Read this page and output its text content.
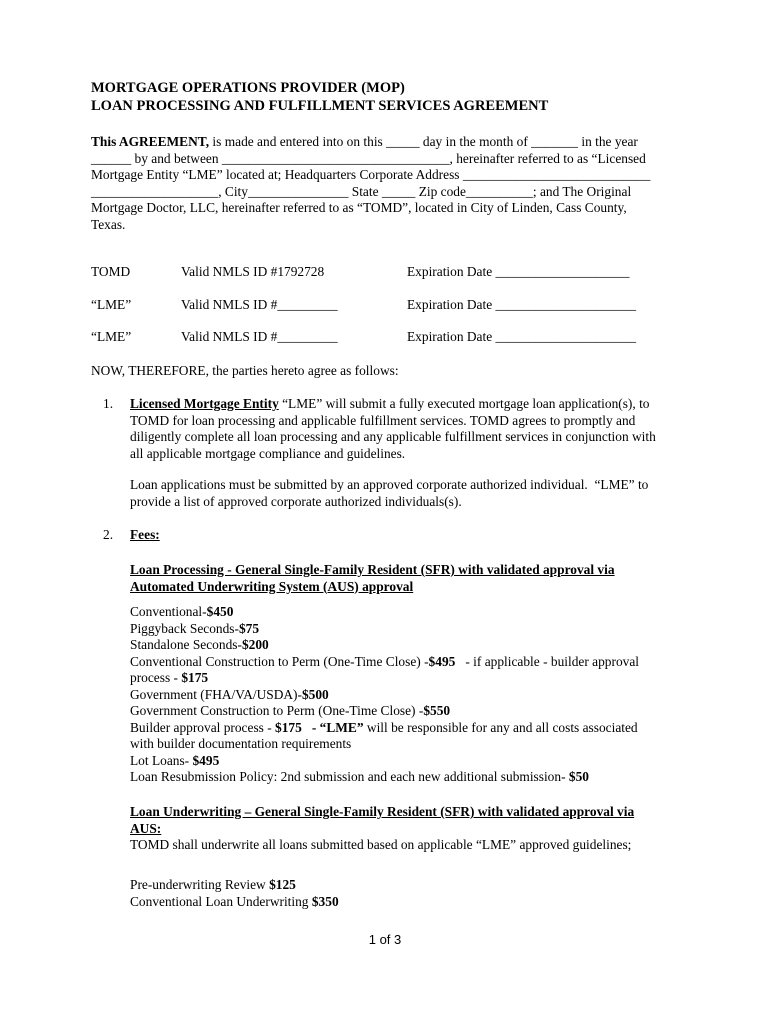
MORTGAGE OPERATIONS PROVIDER (MOP)

LOAN PROCESSING AND FULFILLMENT SERVICES AGREEMENT

This AGREEMENT, is made and entered into on this _____ day in the month of _______ in the year
______ by and between __________________________________, hereinafter referred to as “Licensed
Mortgage Entity “LME” located at; Headquarters Corporate Address ____________________________
___________________, City_______________ State _____ Zip code__________; and The Original
Mortgage Doctor, LLC, hereinafter referred to as “TOMD”, located in City of Linden, Cass County,
Texas.
TOMD	Valid NMLS ID #1792728	Expiration Date ____________________
“LME”	Valid NMLS ID #_________	Expiration Date _____________________
“LME”	Valid NMLS ID #_________	Expiration Date _____________________

NOW, THEREFORE, the parties hereto agree as follows:

1. Licensed Mortgage Entity “LME” will submit a fully executed mortgage loan application(s), to
TOMD for loan processing and applicable fulfillment services. TOMD agrees to promptly and
diligently complete all loan processing and any applicable fulfillment services in conjunction with
all applicable mortgage compliance and guidelines.
Loan applications must be submitted by an approved corporate authorized individual.  “LME” to
provide a list of approved corporate authorized individuals(s).
2. Fees:
Loan Processing - General Single-Family Resident (SFR) with validated approval via
Automated Underwriting System (AUS) approval
Conventional-$450
Piggyback Seconds-$75
Standalone Seconds-$200
Conventional Construction to Perm (One-Time Close) -$495   - if applicable - builder approval
process - $175
Government (FHA/VA/USDA)-$500
Government Construction to Perm (One-Time Close) -$550
Builder approval process - $175   - “LME” will be responsible for any and all costs associated
with builder documentation requirements
Lot Loans- $495
Loan Resubmission Policy: 2nd submission and each new additional submission- $50
Loan Underwriting – General Single-Family Resident (SFR) with validated approval via
AUS:
TOMD shall underwrite all loans submitted based on applicable “LME” approved guidelines;
Pre-underwriting Review $125
Conventional Loan Underwriting $350
1 of 3
